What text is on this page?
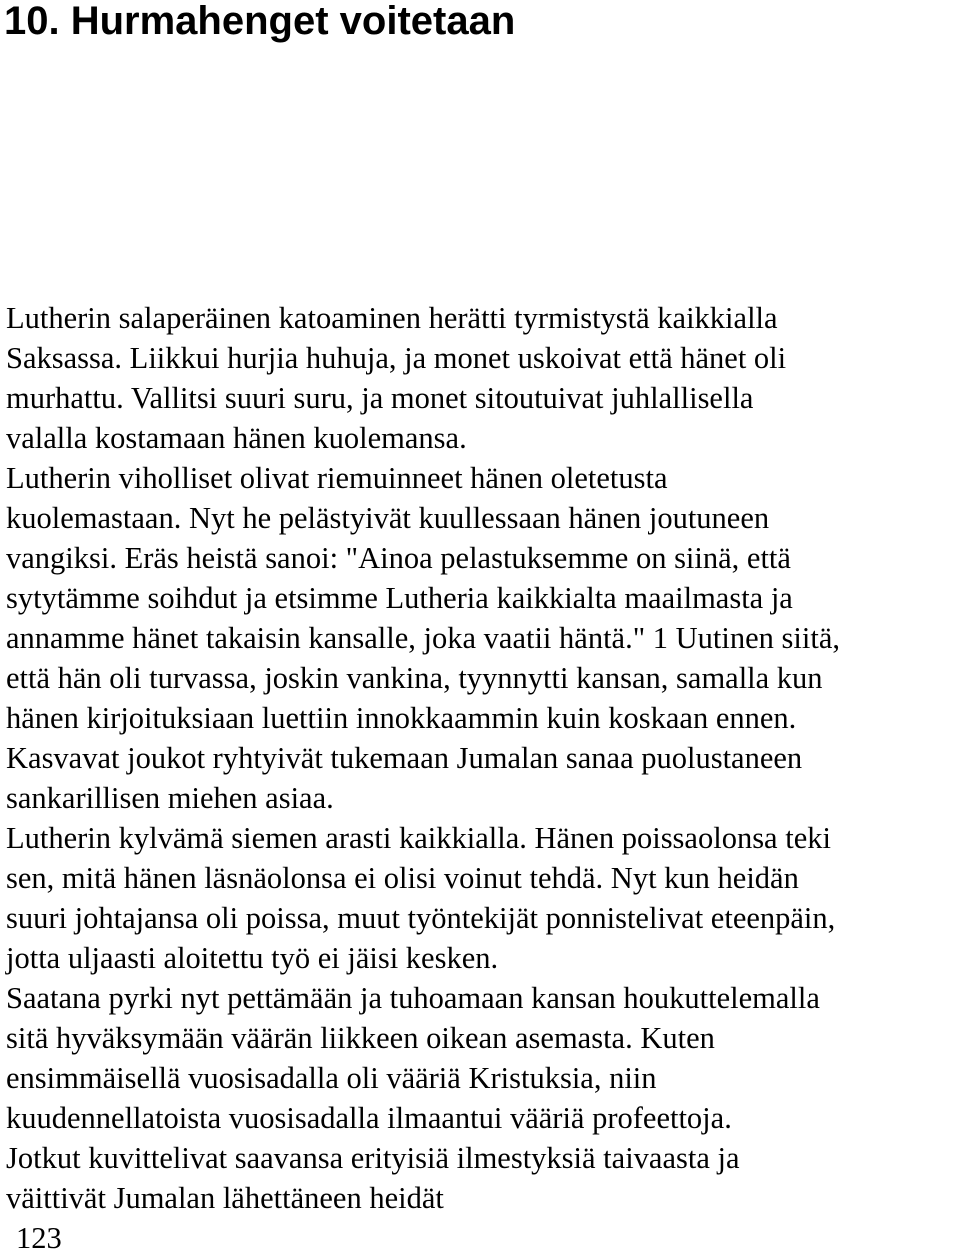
10. Hurmahenget voitetaan
Lutherin salaperäinen katoaminen herätti tyrmistystä kaikkialla
Saksassa. Liikkui hurjia huhuja, ja monet uskoivat että hänet oli
murhattu. Vallitsi suuri suru, ja monet sitoutuivat juhlallisella
valalla kostamaan hänen kuolemansa.
Lutherin viholliset olivat riemuinneet hänen oletetusta
kuolemastaan. Nyt he pelästyivät kuullessaan hänen joutuneen
vangiksi. Eräs heistä sanoi: "Ainoa pelastuksemme on siinä, että
sytytämme soihdut ja etsimme Lutheria kaikkialta maailmasta ja
annamme hänet takaisin kansalle, joka vaatii häntä." 1 Uutinen siitä,
että hän oli turvassa, joskin vankina, tyynnytti kansan, samalla kun
hänen kirjoituksiaan luettiin innokkaammin kuin koskaan ennen.
Kasvavat joukot ryhtyivät tukemaan Jumalan sanaa puolustaneen
sankarillisen miehen asiaa.
Lutherin kylvämä siemen arasti kaikkialla. Hänen poissaolonsa teki
sen, mitä hänen läsnäolonsa ei olisi voinut tehdä. Nyt kun heidän
suuri johtajansa oli poissa, muut työntekijät ponnistelivat eteenpäin,
jotta uljaasti aloitettu työ ei jäisi kesken.
Saatana pyrki nyt pettämään ja tuhoamaan kansan houkuttelemalla
sitä hyväksymään väärän liikkeen oikean asemasta. Kuten
ensimmäisellä vuosisadalla oli vääriä Kristuksia, niin
kuudennellatoista vuosisadalla ilmaantui vääriä profeettoja.
Jotkut kuvittelivat saavansa erityisiä ilmestyksiä taivaasta ja
väittivät Jumalan lähettäneen heidät
123
